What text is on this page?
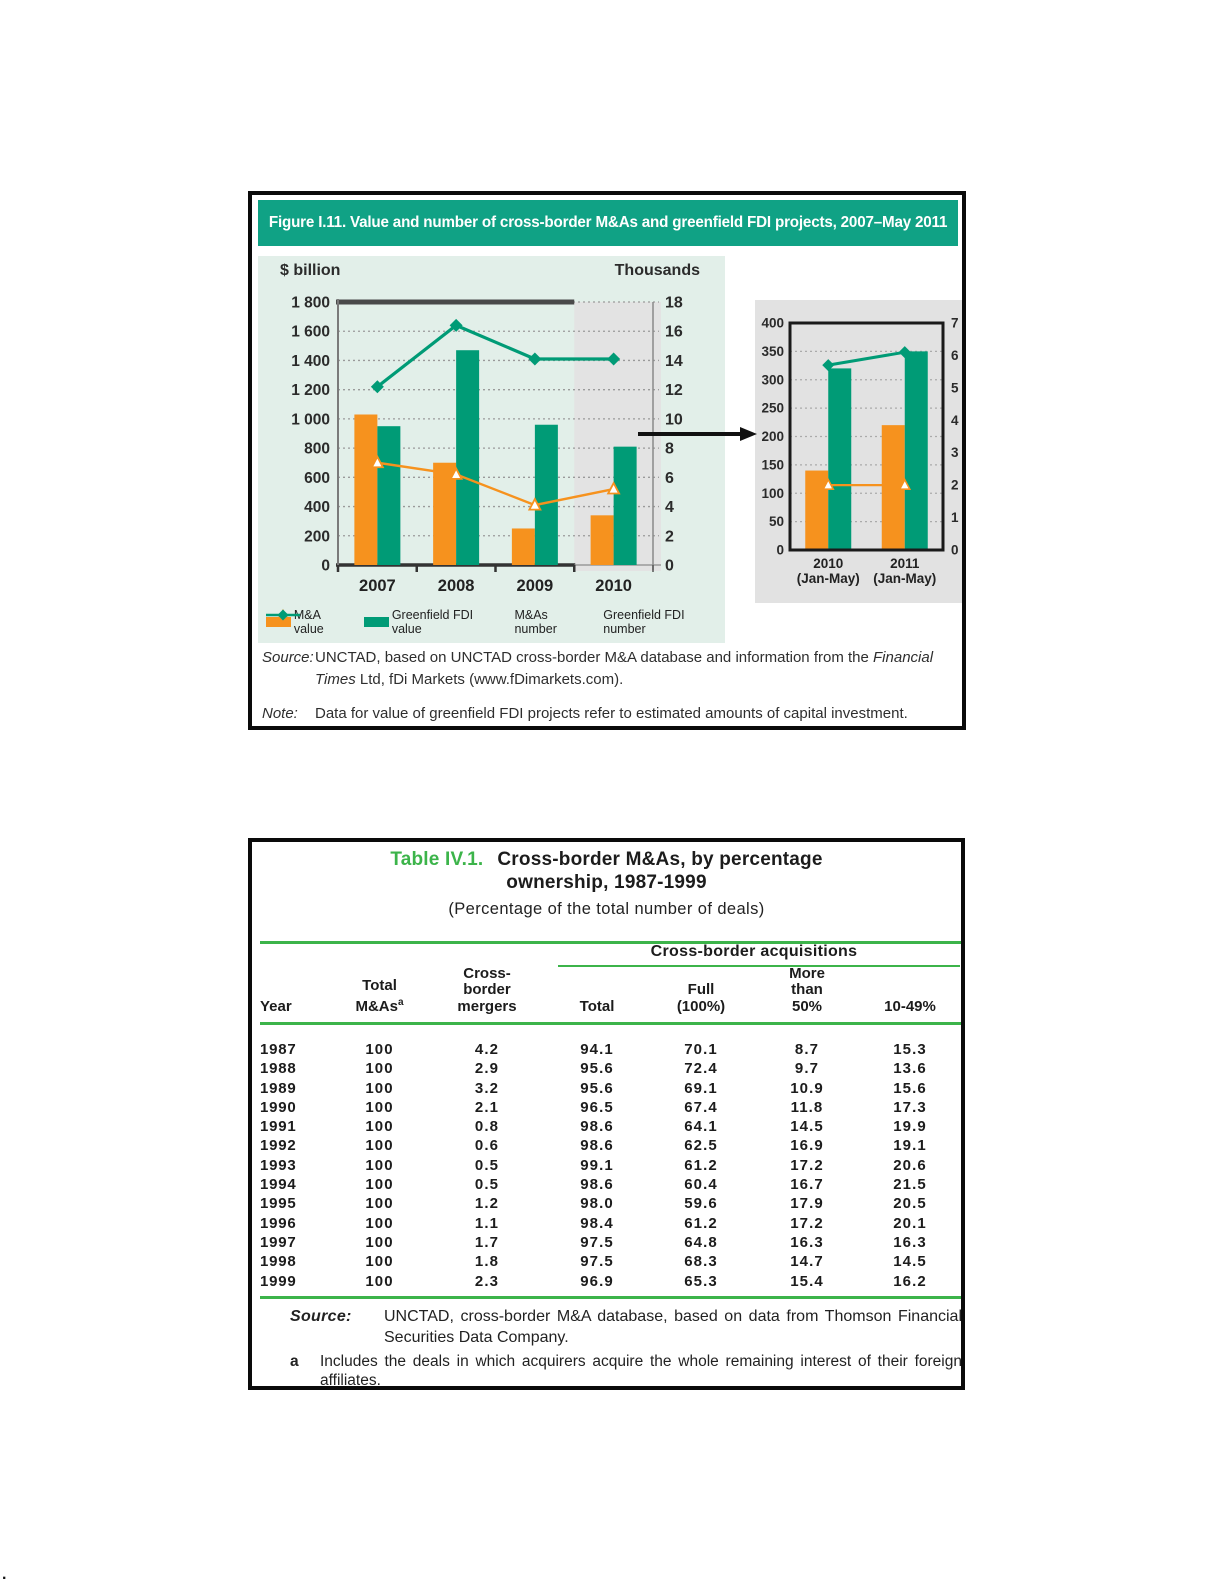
Figure I.11. Value and number of cross-border M&As and greenfield FDI projects, 2007–May 2011
$ billion	Thousands
1 800
1 600
1 400
1 200
1 000
800
600
400
200
0
18
16
14
12
10
8
6
4
2
0
2007	2008	2009	2010
M&A value
Greenfield FDI value
M&As number
Greenfield FDI number
400
350
300
250
200
150
100
50
0
7
6
5
4
3
2
1
0
2010
(Jan-May)
2011
(Jan-May)
Source: UNCTAD, based on UNCTAD cross-border M&A database and information from the Financial Times Ltd, fDi Markets (www.fDimarkets.com).
Note: Data for value of greenfield FDI projects refer to estimated amounts of capital investment.
Table IV.1. Cross-border M&As, by percentage
ownership, 1987-1999
(Percentage of the total number of deals)
Cross-border acquisitions
Year
Total
M&As$^a$
Cross-
border
mergers	Total
Full
(100%)
More
than
50%	10-49%
1987	100	4.2	94.1	70.1	8.7	15.3
1988	100	2.9	95.6	72.4	9.7	13.6
1989	100	3.2	95.6	69.1	10.9	15.6
1990	100	2.1	96.5	67.4	11.8	17.3
1991	100	0.8	98.6	64.1	14.5	19.9
1992	100	0.6	98.6	62.5	16.9	19.1
1993	100	0.5	99.1	61.2	17.2	20.6
1994	100	0.5	98.6	60.4	16.7	21.5
1995	100	1.2	98.0	59.6	17.9	20.5
1996	100	1.1	98.4	61.2	17.2	20.1
1997	100	1.7	97.5	64.8	16.3	16.3
1998	100	1.8	97.5	68.3	14.7	14.5
1999	100	2.3	96.9	65.3	15.4	16.2
Source: UNCTAD, cross-border M&A database, based on data from Thomson Financial Securities Data Company.
a Includes the deals in which acquirers acquire the whole remaining interest of their foreign affiliates.
.
